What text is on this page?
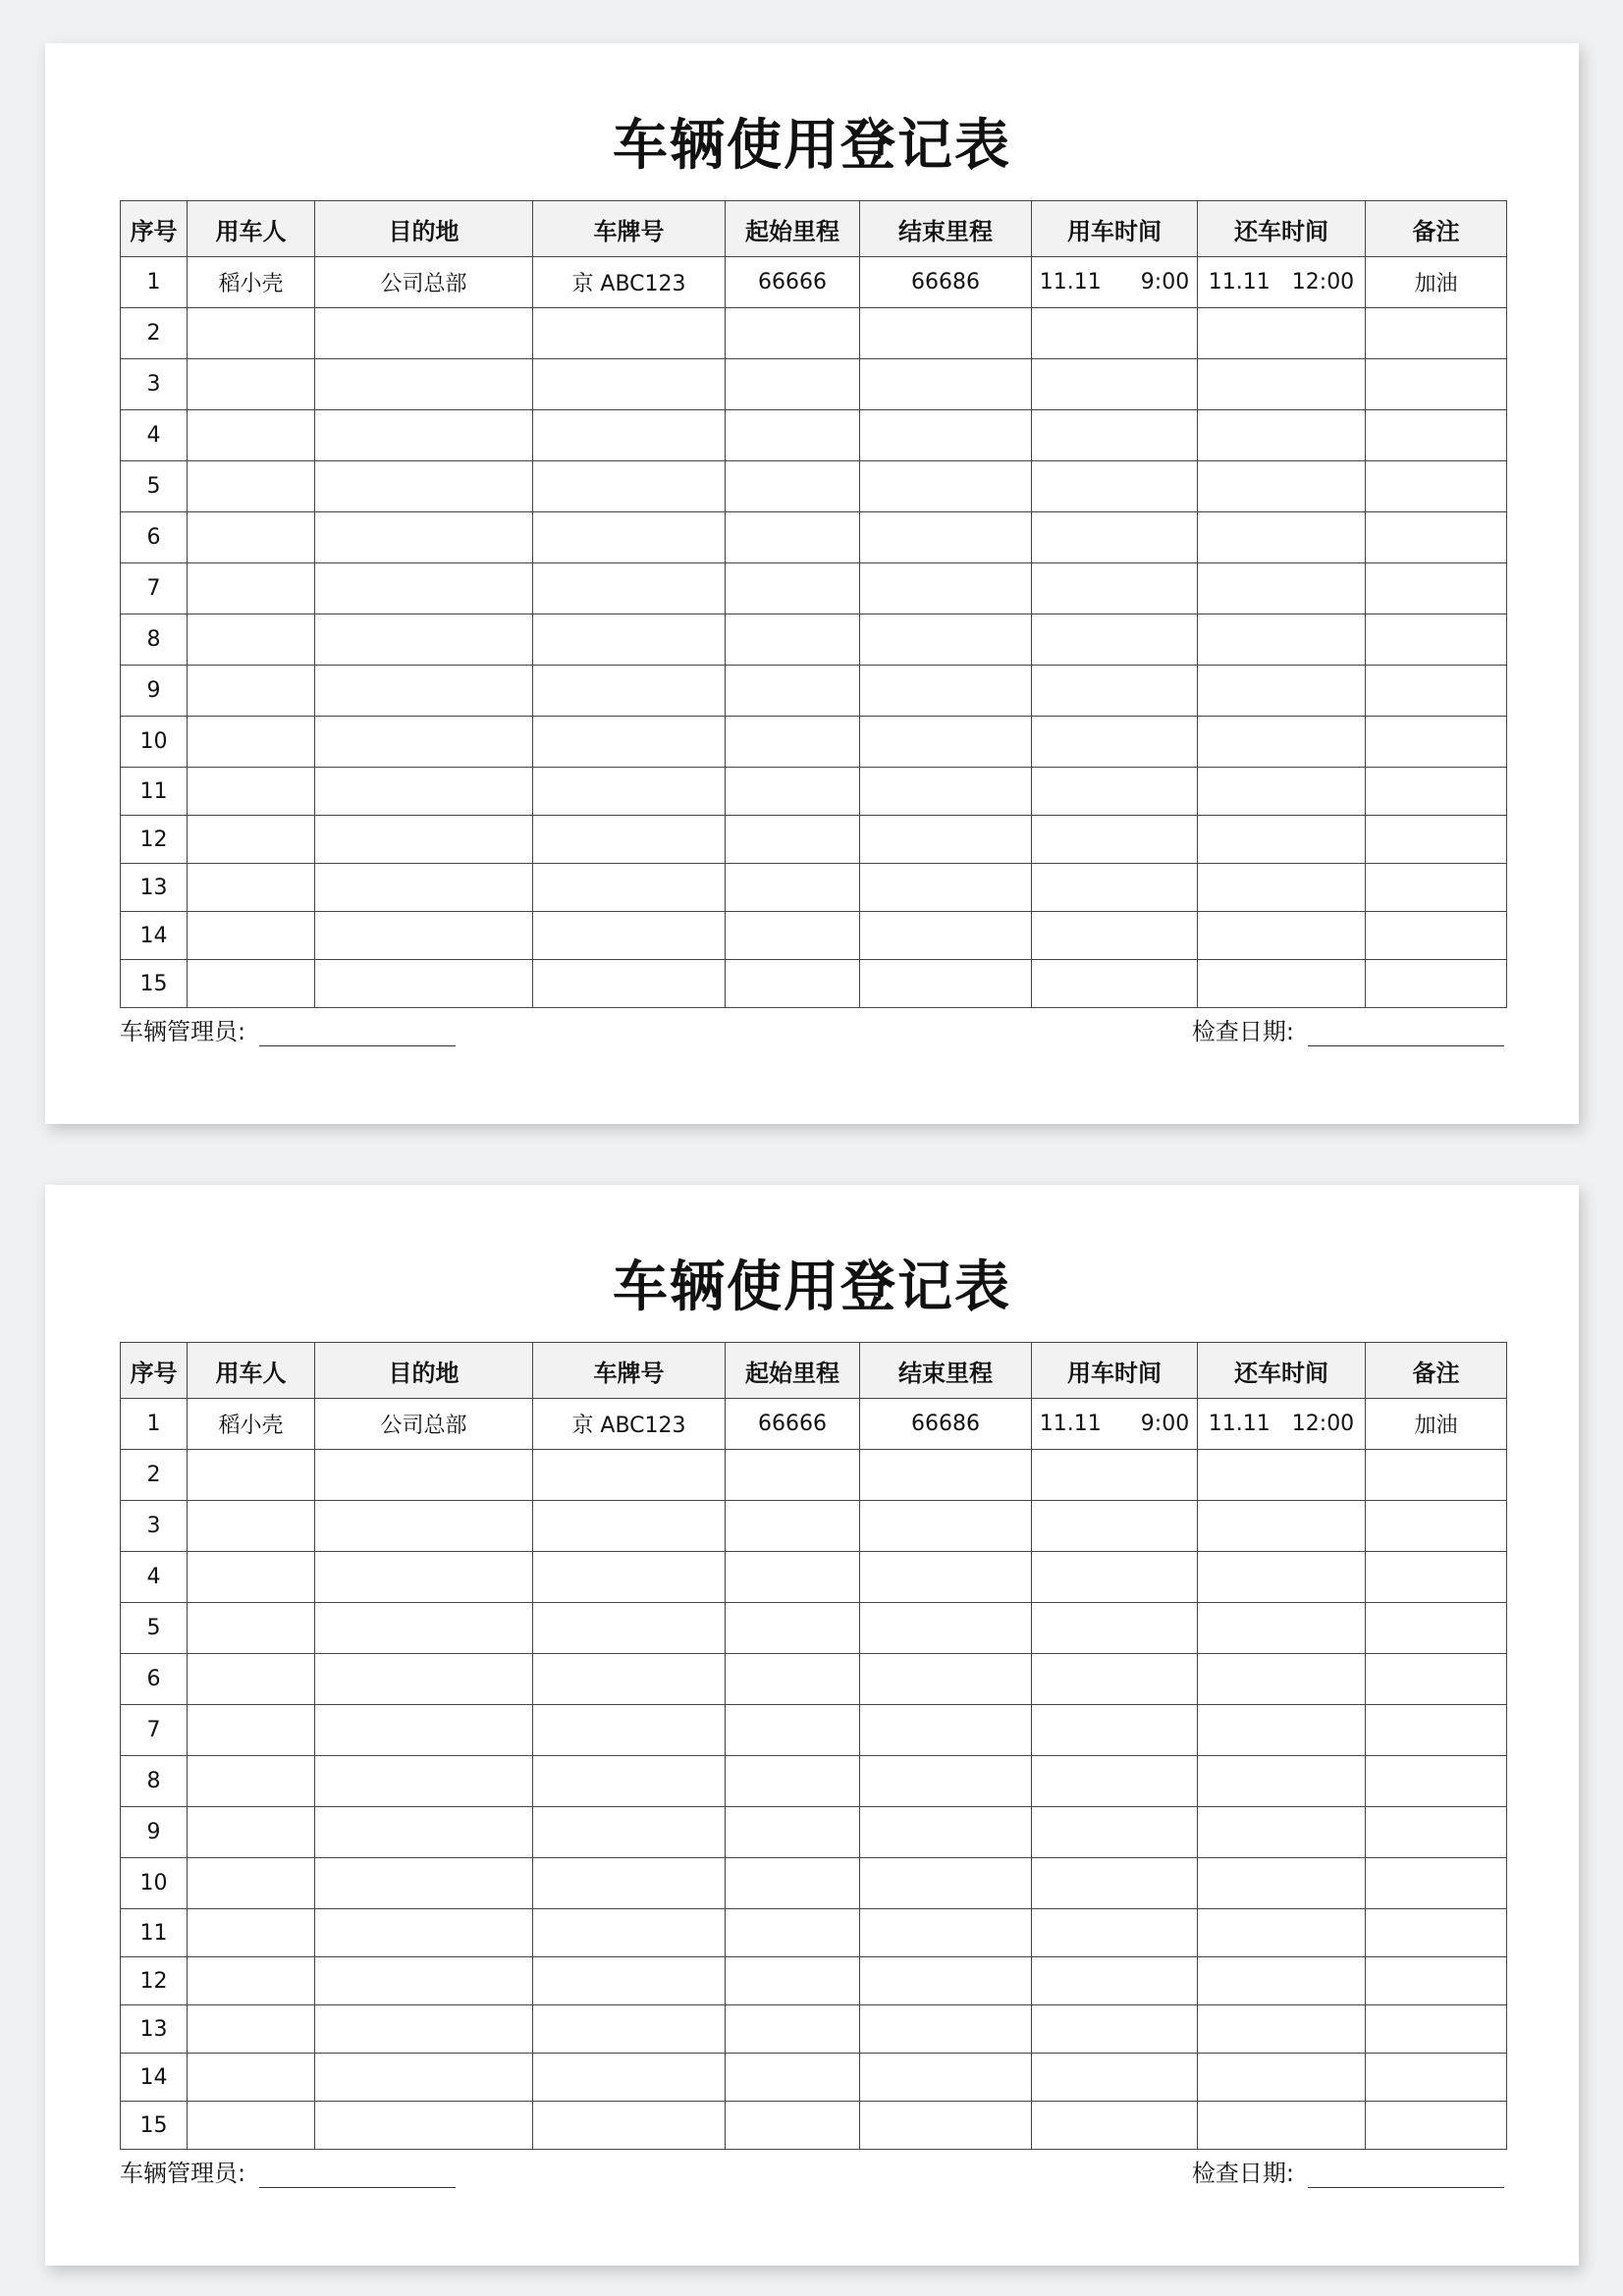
车辆使用登记表
序号	用车人	目的地	车牌号	起始里程	结束里程	用车时间	还车时间	备注
1	稻小壳	公司总部	京 ABC123	66666	66686	11.11 9:00	11.11 12:00	加油
2								
3								
4								
5								
6								
7								
8								
9								
10								
11								
12								
13								
14								
15								
车辆管理员:	检查日期:
车辆使用登记表
序号	用车人	目的地	车牌号	起始里程	结束里程	用车时间	还车时间	备注
1	稻小壳	公司总部	京 ABC123	66666	66686	11.11 9:00	11.11 12:00	加油
2								
3								
4								
5								
6								
7								
8								
9								
10								
11								
12								
13								
14								
15								
车辆管理员:	检查日期:
